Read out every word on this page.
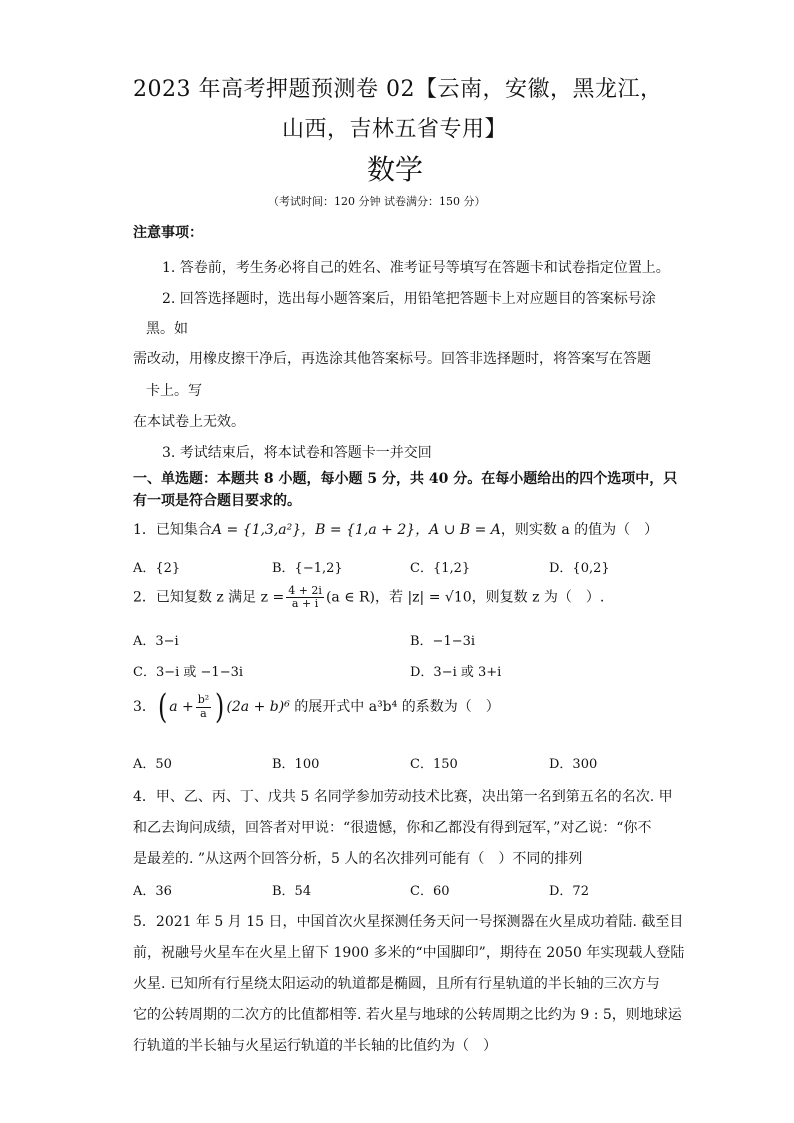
2023 年高考押题预测卷 02【云南，安徽，黑龙江，
山西，吉林五省专用】
数学
（考试时间：120 分钟 试卷满分：150 分）
注意事项：
1. 答卷前，考生务必将自己的姓名、准考证号等填写在答题卡和试卷指定位置上。
2. 回答选择题时，选出每小题答案后，用铅笔把答题卡上对应题目的答案标号涂
黑。如
需改动，用橡皮擦干净后，再选涂其他答案标号。回答非选择题时，将答案写在答题
卡上。写
在本试卷上无效。
3. 考试结束后，将本试卷和答题卡一并交回
一、单选题：本题共 8 小题，每小题 5 分，共 40 分。在每小题给出的四个选项中，只
有一项是符合题目要求的。
1．已知集合A = {1,3,a²}，B = {1,a + 2}，A ∪ B = A，则实数 a 的值为（　）
A．{2}	B．{−1,2}	C．{1,2}	D．{0,2}
2．已知复数 z 满足 $z = \frac{4 + 2i}{a + i} (a$ ∈ R)，若 |z| = √10，则复数 z 为（　）.
A．3−i	B．−1−3i
C．3−i 或 −1−3i	D．3−i 或 3+i
3．( $a + \frac{\text{b²}}{a}$ ) (2a + b)⁶ 的展开式中 a³b⁴ 的系数为（　）
A．50	B．100	C．150	D．300
4．甲、乙、丙、丁、戊共 5 名同学参加劳动技术比赛，决出第一名到第五名的名次. 甲
和乙去询问成绩，回答者对甲说：“很遗憾，你和乙都没有得到冠军，”对乙说：“你不
是最差的. ”从这两个回答分析，5 人的名次排列可能有（　）不同的排列
A．36	B．54	C．60	D．72
5．2021 年 5 月 15 日，中国首次火星探测任务天问一号探测器在火星成功着陆. 截至目
前，祝融号火星车在火星上留下 1900 多米的“中国脚印”，期待在 2050 年实现载人登陆
火星. 已知所有行星绕太阳运动的轨道都是椭圆，且所有行星轨道的半长轴的三次方与
它的公转周期的二次方的比值都相等. 若火星与地球的公转周期之比约为 9 : 5，则地球运
行轨道的半长轴与火星运行轨道的半长轴的比值约为（　）
